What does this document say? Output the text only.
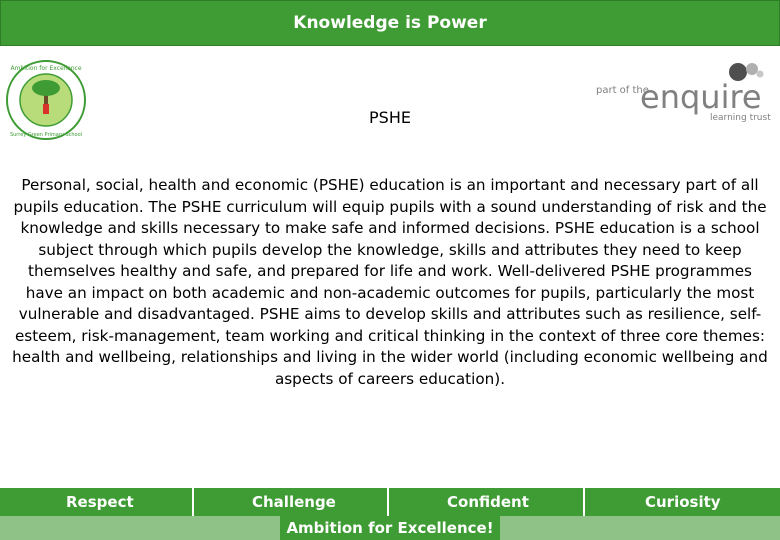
Knowledge is Power
Ambition for Excellence
Surrey Green Primary School
PSHE
part of the
enquire
learning trust
Personal, social, health and economic (PSHE) education is an important and necessary part of all pupils education. The PSHE curriculum will equip pupils with a sound understanding of risk and the knowledge and skills necessary to make safe and informed decisions. PSHE education is a school subject through which pupils develop the knowledge, skills and attributes they need to keep themselves healthy and safe, and prepared for life and work. Well-delivered PSHE programmes have an impact on both academic and non-academic outcomes for pupils, particularly the most vulnerable and disadvantaged. PSHE aims to develop skills and attributes such as resilience, self-esteem, risk-management, team working and critical thinking in the context of three core themes: health and wellbeing, relationships and living in the wider world (including economic wellbeing and aspects of careers education).
Respect	Challenge	Confident	Curiosity
Ambition for Excellence!
